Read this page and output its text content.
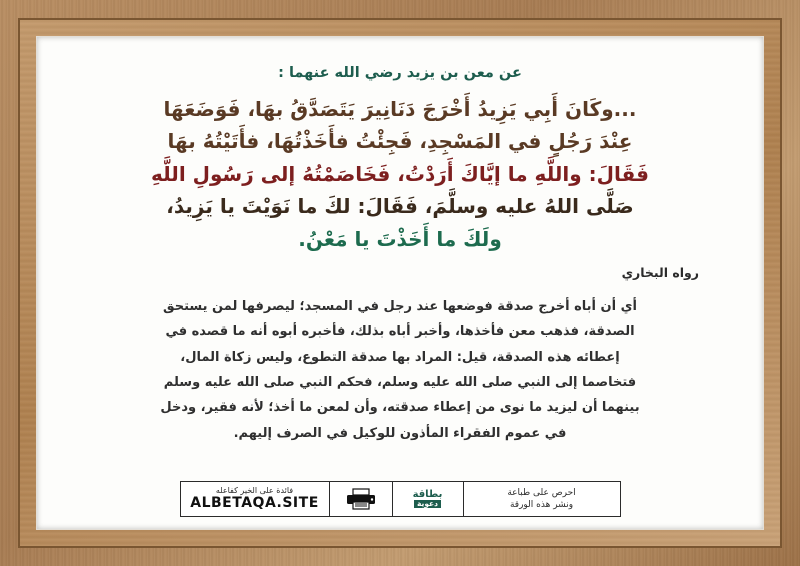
عن معن بن يزيد رضي الله عنهما :
...وكَانَ أَبِي يَزِيدُ أَخْرَجَ دَنَانِيرَ يَتَصَدَّقُ بهَا، فَوَضَعَهَا
عِنْدَ رَجُلٍ في المَسْجِدِ، فَجِئْتُ فأَخَذْتُهَا، فأَتَيْتُهُ بهَا
فَقَالَ: واللَّهِ ما إيَّاكَ أَرَدْتُ، فَخَاصَمْتُهُ إلى رَسُولِ اللَّهِ
صَلَّى اللهُ عليه وسلَّمَ، فَقَالَ: لكَ ما نَوَيْتَ يا يَزِيدُ،
ولَكَ ما أَخَذْتَ يا مَعْنُ.
رواه البخاري
أي أن أباه أخرج صدقة فوضعها عند رجل في المسجد؛ ليصرفها لمن يستحق
الصدقة، فذهب معن فأخذها، وأخبر أباه بذلك، فأخبره أبوه أنه ما قصده في
إعطائه هذه الصدقة، قيل: المراد بها صدقة التطوع، وليس زكاة المال،
فتخاصما إلى النبي صلى الله عليه وسلم، فحكم النبي صلى الله عليه وسلم
بينهما أن ليزيد ما نوى من إعطاء صدقته، وأن لمعن ما أخذ؛ لأنه فقير، ودخل
في عموم الفقراء المأذون للوكيل في الصرف إليهم.
احرص على طباعة
ونشر هذه الورقة
بطاقة
دعوية
فائدة على الخير كفاعله
ALBETAQA.SITE
